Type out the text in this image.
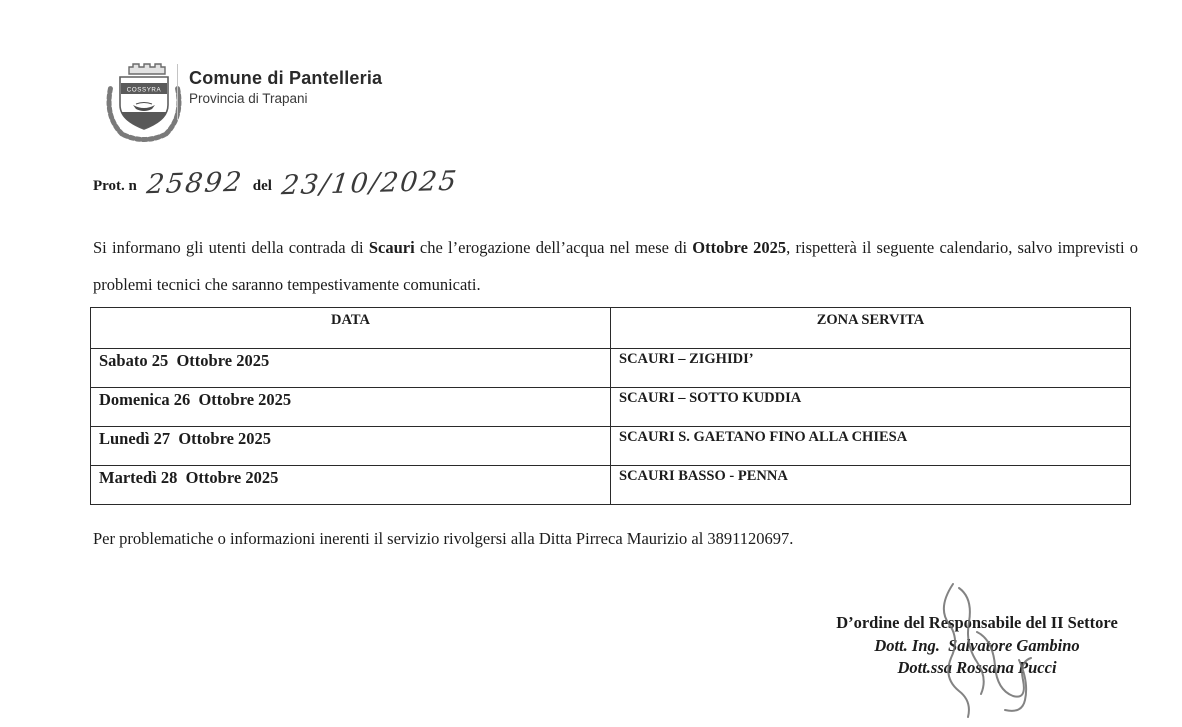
COSSYRA
Comune di Pantelleria
Provincia di Trapani
Prot. n 25892 del 23/10/2025
Si informano gli utenti della contrada di Scauri che l’erogazione dell’acqua nel mese di Ottobre 2025, rispetterà il seguente calendario, salvo imprevisti o problemi tecnici che saranno tempestivamente comunicati.
DATA	ZONA SERVITA
Sabato 25  Ottobre 2025	SCAURI – ZIGHIDI’
Domenica 26  Ottobre 2025	SCAURI – SOTTO KUDDIA
Lunedì 27  Ottobre 2025	SCAURI S. GAETANO FINO ALLA CHIESA
Martedì 28  Ottobre 2025	SCAURI BASSO - PENNA
Per problematiche o informazioni inerenti il servizio rivolgersi alla Ditta Pirreca Maurizio al 3891120697.
D’ordine del Responsabile del II Settore
Dott. Ing.  Salvatore Gambino
Dott.ssa Rossana Pucci
